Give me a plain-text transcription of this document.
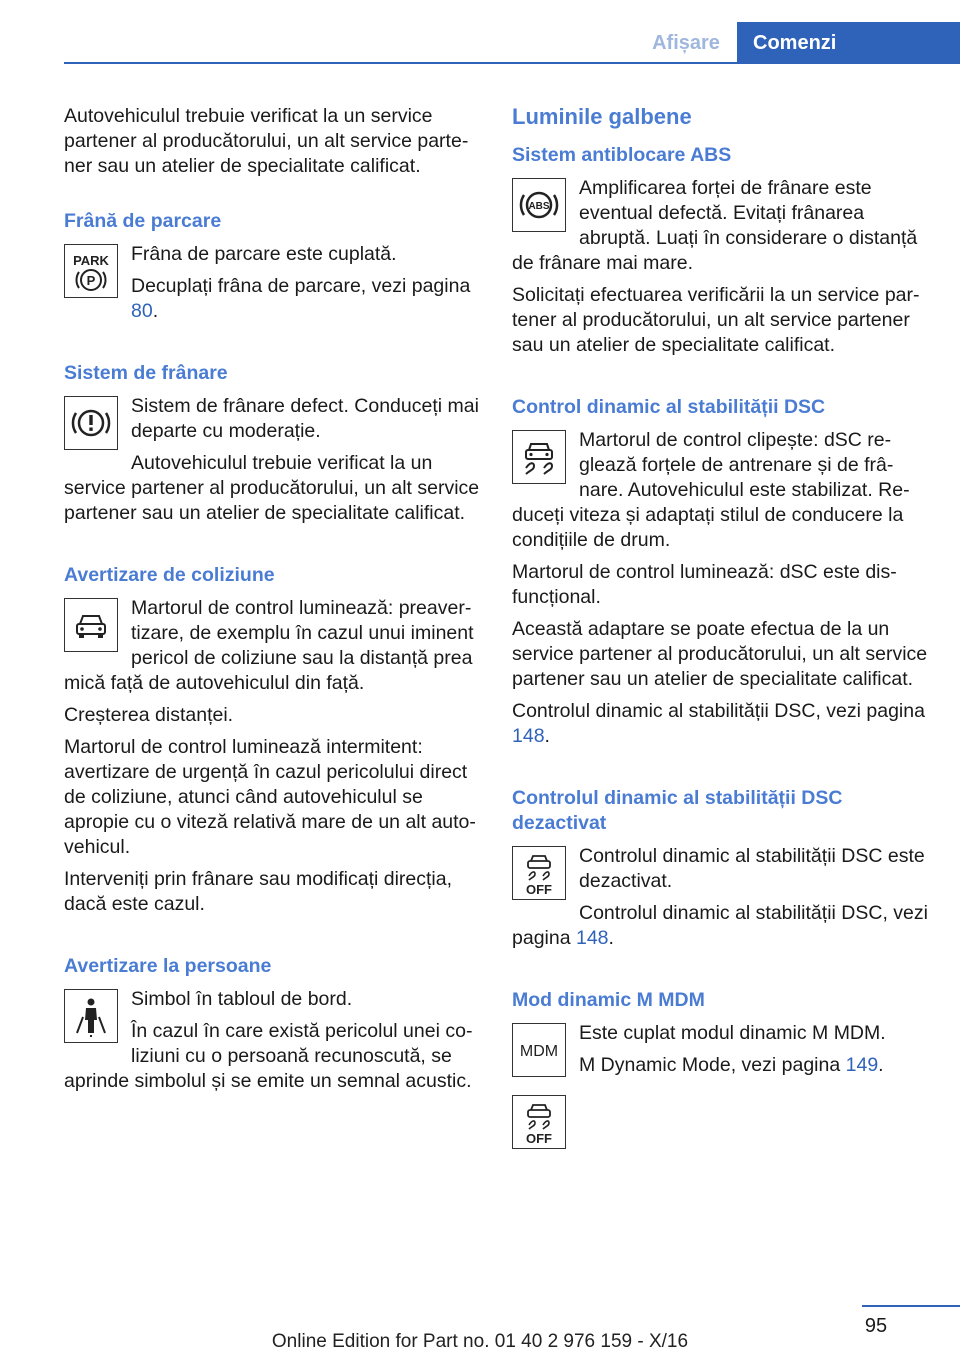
Afișare	Comenzi

Autovehiculul trebuie verificat la un service partener al producătorului, un alt service partener sau un atelier de specialitate calificat.

Frână de parcare
PARK
P

Frâna de parcare este cuplată.

Decuplați frâna de parcare, vezi pagina 80.

Sistem de frânare

Sistem de frânare defect. Conduceți mai departe cu moderație.

Autovehiculul trebuie verificat la un service partener al producătorului, un alt service partener sau un atelier de specialitate calificat.

Avertizare de coliziune

Martorul de control luminează: preavertizare, de exemplu în cazul unui iminent pericol de coliziune sau la distanță prea mică față de autovehiculul din față.

Creșterea distanței.

Martorul de control luminează intermitent: avertizare de urgență în cazul pericolului direct de coliziune, atunci când autovehiculul se apropie cu o viteză relativă mare de un alt autovehicul.

Interveniți prin frânare sau modificați direcția, dacă este cazul.

Avertizare la persoane

Simbol în tabloul de bord.

În cazul în care există pericolul unei coliziuni cu o persoană recunoscută, se aprinde simbolul și se emite un semnal acustic.

Luminile galbene
Sistem antiblocare ABS
ABS

Amplificarea forței de frânare este eventual defectă. Evitați frânarea abruptă. Luați în considerare o distanță de frânare mai mare.

Solicitați efectuarea verificării la un service partener al producătorului, un alt service partener sau un atelier de specialitate calificat.

Control dinamic al stabilității DSC

Martorul de control clipește: dSC reglează forțele de antrenare și de frânare. Autovehiculul este stabilizat. Reduceți viteza și adaptați stilul de conducere la condițiile de drum.

Martorul de control luminează: dSC este disfuncțional.

Această adaptare se poate efectua de la un service partener al producătorului, un alt service partener sau un atelier de specialitate calificat.

Controlul dinamic al stabilității DSC, vezi pagina 148.

Controlul dinamic al stabilității DSC dezactivat
OFF

Controlul dinamic al stabilității DSC este dezactivat.

Controlul dinamic al stabilității DSC, vezi pagina 148.

Mod dinamic M MDM
MDM

Este cuplat modul dinamic M MDM.

M Dynamic Mode, vezi pagina 149.

OFF
95
Online Edition for Part no. 01 40 2 976 159 - X/16
